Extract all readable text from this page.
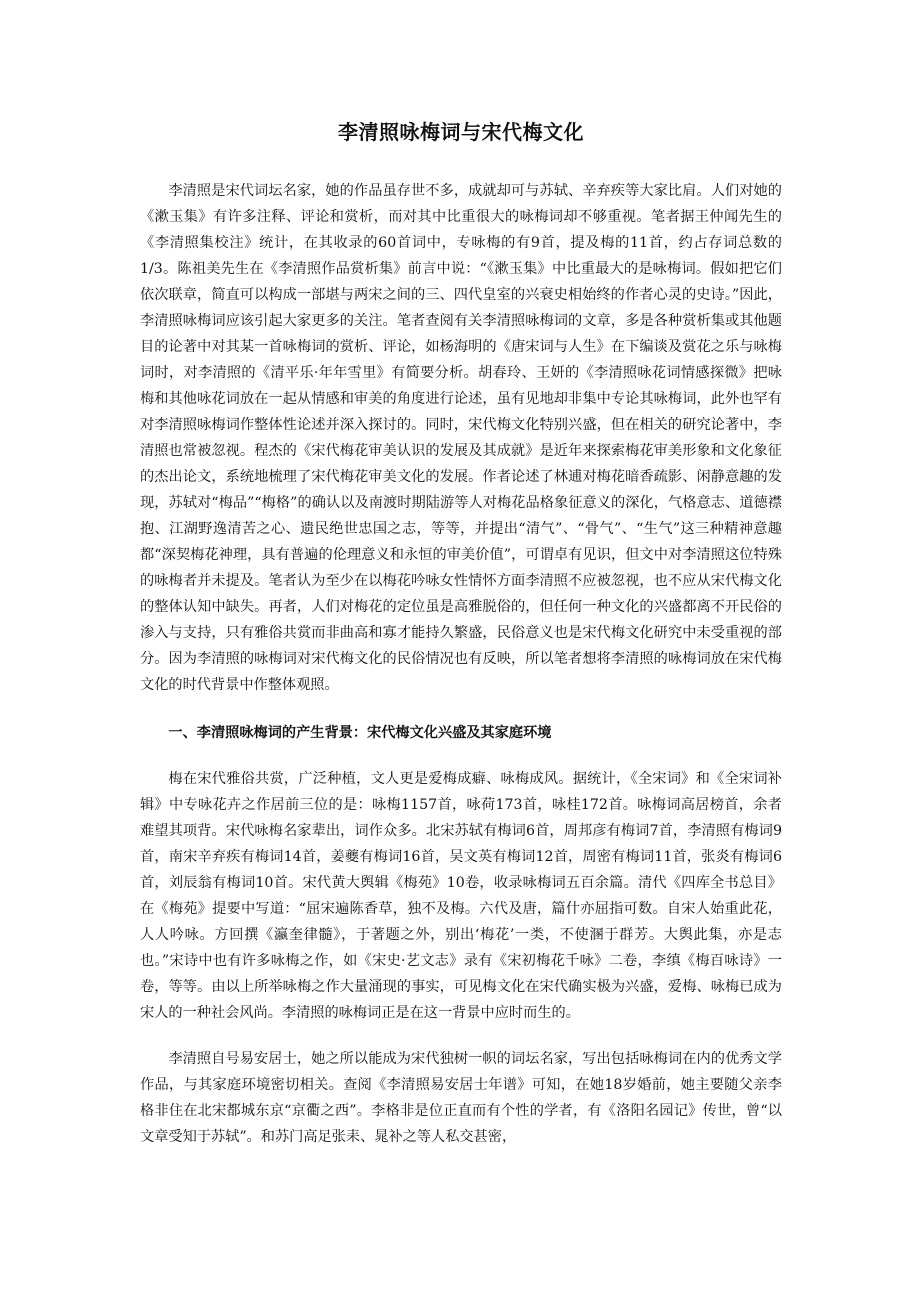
李清照咏梅词与宋代梅文化

李清照是宋代词坛名家，她的作品虽存世不多，成就却可与苏轼、辛弃疾等大家比肩。人们对她的《漱玉集》有许多注释、评论和赏析，而对其中比重很大的咏梅词却不够重视。笔者据王仲闻先生的《李清照集校注》统计，在其收录的60首词中，专咏梅的有9首，提及梅的11首，约占存词总数的1/3。陈祖美先生在《李清照作品赏析集》前言中说：“《漱玉集》中比重最大的是咏梅词。假如把它们依次联章，简直可以构成一部堪与两宋之间的三、四代皇室的兴衰史相始终的作者心灵的史诗。”因此，李清照咏梅词应该引起大家更多的关注。笔者查阅有关李清照咏梅词的文章，多是各种赏析集或其他题目的论著中对其某一首咏梅词的赏析、评论，如杨海明的《唐宋词与人生》在下编谈及赏花之乐与咏梅词时，对李清照的《清平乐·年年雪里》有简要分析。胡春玲、王妍的《李清照咏花词情感探微》把咏梅和其他咏花词放在一起从情感和审美的角度进行论述，虽有见地却非集中专论其咏梅词，此外也罕有对李清照咏梅词作整体性论述并深入探讨的。同时，宋代梅文化特别兴盛，但在相关的研究论著中，李清照也常被忽视。程杰的《宋代梅花审美认识的发展及其成就》是近年来探索梅花审美形象和文化象征的杰出论文，系统地梳理了宋代梅花审美文化的发展。作者论述了林逋对梅花暗香疏影、闲静意趣的发现，苏轼对“梅品”“梅格”的确认以及南渡时期陆游等人对梅花品格象征意义的深化，气格意志、道德襟抱、江湖野逸清苦之心、遗民绝世忠国之志，等等，并提出“清气”、“骨气”、“生气”这三种精神意趣都“深契梅花神理，具有普遍的伦理意义和永恒的审美价值”，可谓卓有见识，但文中对李清照这位特殊的咏梅者并未提及。笔者认为至少在以梅花吟咏女性情怀方面李清照不应被忽视，也不应从宋代梅文化的整体认知中缺失。再者，人们对梅花的定位虽是高雅脱俗的，但任何一种文化的兴盛都离不开民俗的渗入与支持，只有雅俗共赏而非曲高和寡才能持久繁盛，民俗意义也是宋代梅文化研究中未受重视的部分。因为李清照的咏梅词对宋代梅文化的民俗情况也有反映，所以笔者想将李清照的咏梅词放在宋代梅文化的时代背景中作整体观照。

一、李清照咏梅词的产生背景：宋代梅文化兴盛及其家庭环境

梅在宋代雅俗共赏，广泛种植，文人更是爱梅成癖、咏梅成风。据统计，《全宋词》和《全宋词补辑》中专咏花卉之作居前三位的是：咏梅1157首，咏荷173首，咏桂172首。咏梅词高居榜首，余者难望其项背。宋代咏梅名家辈出，词作众多。北宋苏轼有梅词6首，周邦彦有梅词7首，李清照有梅词9首，南宋辛弃疾有梅词14首，姜夔有梅词16首，吴文英有梅词12首，周密有梅词11首，张炎有梅词6首，刘辰翁有梅词10首。宋代黄大舆辑《梅苑》10卷，收录咏梅词五百余篇。清代《四库全书总目》在《梅苑》提要中写道：“屈宋遍陈香草，独不及梅。六代及唐，篇什亦屈指可数。自宋人始重此花，人人吟咏。方回撰《瀛奎律髓》，于著题之外，别出‘梅花’一类，不使溷于群芳。大舆此集，亦是志也。”宋诗中也有许多咏梅之作，如《宋史·艺文志》录有《宋初梅花千咏》二卷，李缜《梅百咏诗》一卷，等等。由以上所举咏梅之作大量涌现的事实，可见梅文化在宋代确实极为兴盛，爱梅、咏梅已成为宋人的一种社会风尚。李清照的咏梅词正是在这一背景中应时而生的。

李清照自号易安居士，她之所以能成为宋代独树一帜的词坛名家，写出包括咏梅词在内的优秀文学作品，与其家庭环境密切相关。查阅《李清照易安居士年谱》可知，在她18岁婚前，她主要随父亲李格非住在北宋都城东京“京衢之西”。李格非是位正直而有个性的学者，有《洛阳名园记》传世，曾“以文章受知于苏轼”。和苏门高足张耒、晁补之等人私交甚密，
